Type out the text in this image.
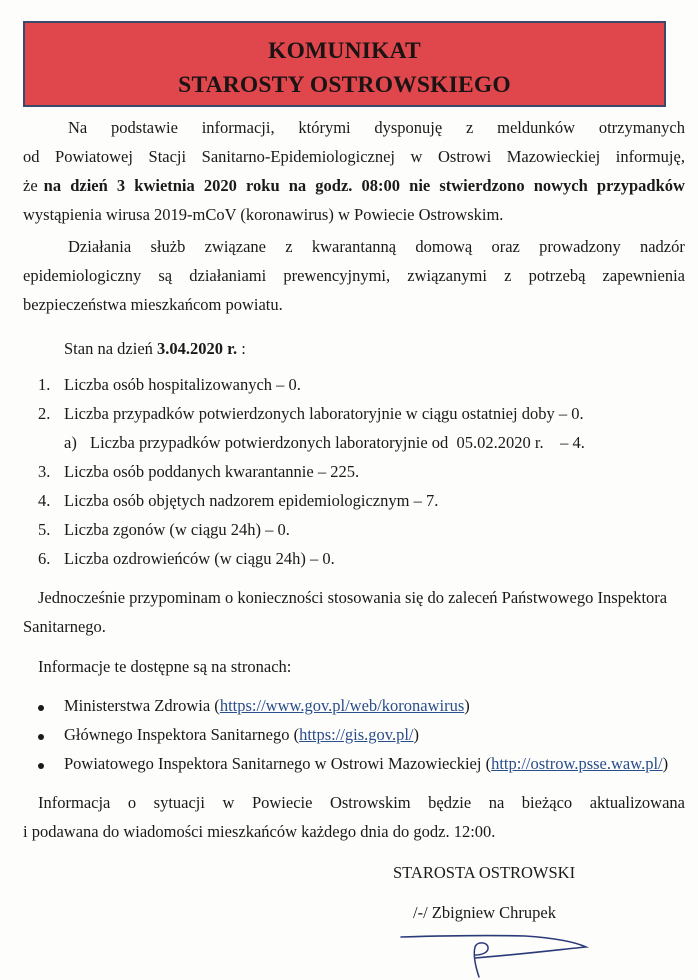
KOMUNIKAT
STAROSTY OSTROWSKIEGO
Na podstawie informacji, którymi dysponuję z meldunków otrzymanych
od Powiatowej Stacji Sanitarno-Epidemiologicznej w Ostrowi Mazowieckiej informuję,
że na dzień 3 kwietnia 2020 roku na godz. 08:00 nie stwierdzono nowych przypadków
wystąpienia wirusa 2019-mCoV (koronawirus) w Powiecie Ostrowskim.
Działania służb związane z kwarantanną domową oraz prowadzony nadzór
epidemiologiczny są działaniami prewencyjnymi, związanymi z potrzebą zapewnienia
bezpieczeństwa mieszkańcom powiatu.
Stan na dzień 3.04.2020 r. :
1. Liczba osób hospitalizowanych – 0.
2. Liczba przypadków potwierdzonych laboratoryjnie w ciągu ostatniej doby – 0.
a) Liczba przypadków potwierdzonych laboratoryjnie od  05.02.2020 r.    – 4.
3. Liczba osób poddanych kwarantannie – 225.
4. Liczba osób objętych nadzorem epidemiologicznym – 7.
5. Liczba zgonów (w ciągu 24h) – 0.
6. Liczba ozdrowieńców (w ciągu 24h) – 0.
Jednocześnie przypominam o konieczności stosowania się do zaleceń Państwowego Inspektora
Sanitarnego.
Informacje te dostępne są na stronach:
Ministerstwa Zdrowia (https://www.gov.pl/web/koronawirus)
Głównego Inspektora Sanitarnego (https://gis.gov.pl/)
Powiatowego Inspektora Sanitarnego w Ostrowi Mazowieckiej (http://ostrow.psse.waw.pl/)
Informacja o sytuacji w Powiecie Ostrowskim będzie na bieżąco aktualizowana
i podawana do wiadomości mieszkańców każdego dnia do godz. 12:00.
STAROSTA OSTROWSKI
/-/ Zbigniew Chrupek
